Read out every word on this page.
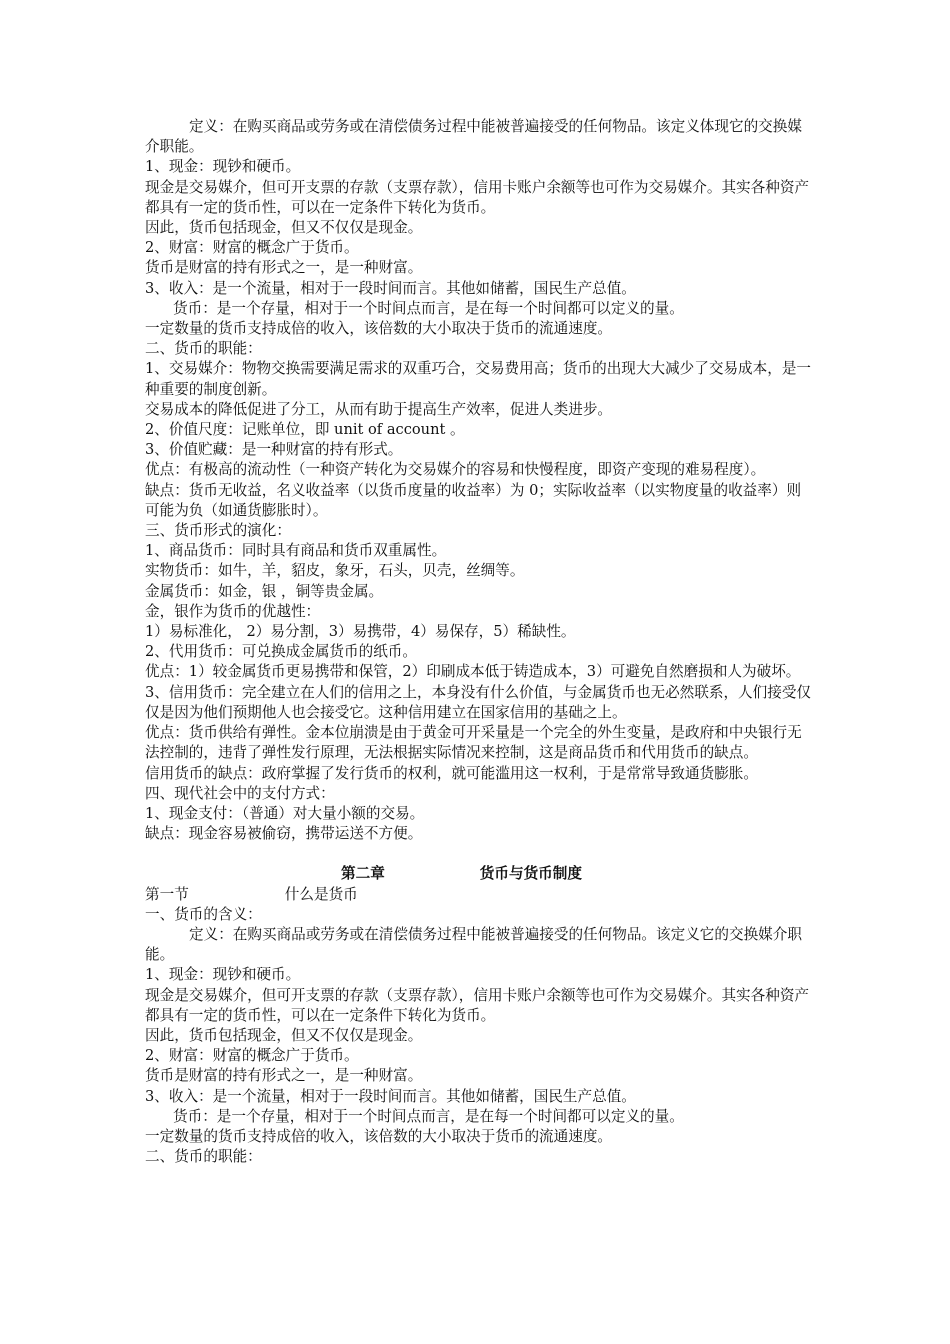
定义：在购买商品或劳务或在清偿债务过程中能被普遍接受的任何物品。该定义体现它的交换媒介职能。

1、现金：现钞和硬币。

现金是交易媒介，但可开支票的存款（支票存款），信用卡账户余额等也可作为交易媒介。其实各种资产都具有一定的货币性，可以在一定条件下转化为货币。

因此，货币包括现金，但又不仅仅是现金。

2、财富：财富的概念广于货币。

货币是财富的持有形式之一，是一种财富。

3、收入：是一个流量，相对于一段时间而言。其他如储蓄，国民生产总值。

货币：是一个存量，相对于一个时间点而言，是在每一个时间都可以定义的量。

一定数量的货币支持成倍的收入，该倍数的大小取决于货币的流通速度。

二、货币的职能：

1、交易媒介：物物交换需要满足需求的双重巧合，交易费用高；货币的出现大大减少了交易成本，是一种重要的制度创新。

交易成本的降低促进了分工，从而有助于提高生产效率，促进人类进步。

2、价值尺度：记账单位，即 unit of account 。

3、价值贮藏：是一种财富的持有形式。

优点：有极高的流动性（一种资产转化为交易媒介的容易和快慢程度，即资产变现的难易程度）。

缺点：货币无收益，名义收益率（以货币度量的收益率）为 0；实际收益率（以实物度量的收益率）则可能为负（如通货膨胀时）。

三、货币形式的演化：

1、商品货币：同时具有商品和货币双重属性。

实物货币：如牛，羊，貂皮，象牙，石头，贝壳，丝绸等。

金属货币：如金，银 ，铜等贵金属。

金，银作为货币的优越性：

1）易标准化， 2）易分割，3）易携带，4）易保存，5）稀缺性。

2、代用货币：可兑换成金属货币的纸币。

优点：1）较金属货币更易携带和保管，2）印刷成本低于铸造成本，3）可避免自然磨损和人为破坏。

3、信用货币：完全建立在人们的信用之上，本身没有什么价值，与金属货币也无必然联系，人们接受仅仅是因为他们预期他人也会接受它。这种信用建立在国家信用的基础之上。

优点：货币供给有弹性。金本位崩溃是由于黄金可开采量是一个完全的外生变量，是政府和中央银行无法控制的，违背了弹性发行原理，无法根据实际情况来控制，这是商品货币和代用货币的缺点。

信用货币的缺点：政府掌握了发行货币的权利，就可能滥用这一权利，于是常常导致通货膨胀。

四、现代社会中的支付方式：

1、现金支付：（普通）对大量小额的交易。

缺点：现金容易被偷窃，携带运送不方便。

第二章	货币与货币制度
第一节	什么是货币

一、货币的含义：

定义：在购买商品或劳务或在清偿债务过程中能被普遍接受的任何物品。该定义它的交换媒介职能。

1、现金：现钞和硬币。

现金是交易媒介，但可开支票的存款（支票存款），信用卡账户余额等也可作为交易媒介。其实各种资产都具有一定的货币性，可以在一定条件下转化为货币。

因此，货币包括现金，但又不仅仅是现金。

2、财富：财富的概念广于货币。

货币是财富的持有形式之一，是一种财富。

3、收入：是一个流量，相对于一段时间而言。其他如储蓄，国民生产总值。

货币：是一个存量，相对于一个时间点而言，是在每一个时间都可以定义的量。

一定数量的货币支持成倍的收入，该倍数的大小取决于货币的流通速度。

二、货币的职能：
